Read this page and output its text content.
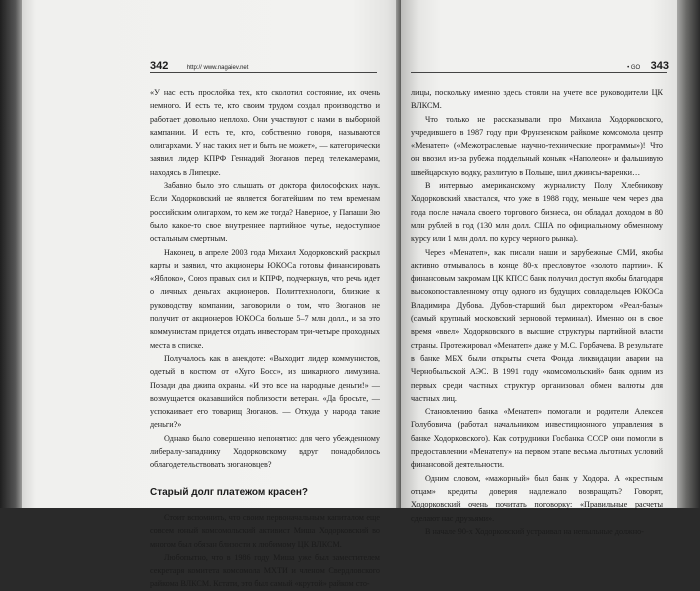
342	http:// www.nagaiev.net

«У нас есть прослойка тех, кто сколотил состояние, их очень немного. И есть те, кто своим трудом создал производство и работает довольно неплохо. Они участвуют с нами в выборной кампании. И есть те, кто, собственно говоря, называются олигархами. У нас таких нет и быть не может», — категорически заявил лидер КПРФ Геннадий Зюганов перед телекамерами, находясь в Липецке.

Забавно было это слышать от доктора философских наук. Если Ходорковский не является богатейшим по тем временам российским олигархом, то кем же тогда? Наверное, у Папаши Зю было какое-то свое внутреннее партийное чутье, недоступное остальным смертным.

Наконец, в апреле 2003 года Михаил Ходорковский раскрыл карты и заявил, что акционеры ЮКОСа готовы финансировать «Яблоко», Союз правых сил и КПРФ, подчеркнув, что речь идет о личных деньгах акционеров. Политтехнологи, близкие к руководству компании, заговорили о том, что Зюганов не получит от акционеров ЮКОСа больше 5–7 млн долл., и за это коммунистам придется отдать инвесторам три-четыре проходных места в списке.

Получалось как в анекдоте: «Выходит лидер коммунистов, одетый в костюм от «Хуго Босс», из шикарного лимузина. Позади два джипа охраны. «И это все на народные деньги!» — возмущается оказавшийся поблизости ветеран. «Да бросьте, — успокаивает его товарищ Зюганов. — Откуда у народа такие деньги?»

Однако было совершенно непонятно: для чего убежденному либералу-западнику Ходорковскому вдруг понадобилось облагодетельствовать зюгановцев?

Старый долг платежом красен?

Стоит вспомнить, что своим первоначальным капиталом еще совсем юный комсомольский активист Миша Ходорковский во многом был обязан близости к любимому ЦК ВЛКСМ.

Любопытно, что в 1986 году Миша уже был заместителем секретаря комитета комсомола МХТИ и членом Свердловского райкома ВЛКСМ. Кстати, это был самый «крутой» райком сто-

• GO 343

лицы, поскольку именно здесь стояли на учете все руководители ЦК ВЛКСМ.

Что только не рассказывали про Михаила Ходорковского, учредившего в 1987 году при Фрунзенском райкоме комсомола центр «Менатеп» («Межотраслевые научно-технические программы»)! Что он ввозил из-за рубежа поддельный коньяк «Наполеон» и фальшивую швейцарскую водку, разлитую в Польше, шил джинсы-варенки…

В интервью американскому журналисту Полу Хлебникову Ходорковский хвастался, что уже в 1988 году, меньше чем через два года после начала своего торгового бизнеса, он обладал доходом в 80 млн рублей в год (130 млн долл. США по официальному обменному курсу или 1 млн долл. по курсу черного рынка).

Через «Менатеп», как писали наши и зарубежные СМИ, якобы активно отмывалось в конце 80-х пресловутое «золото партии». К финансовым закромам ЦК КПСС банк получил доступ якобы благодаря высокопоставленному отцу одного из будущих совладельцев ЮКОСа Владимира Дубова. Дубов-старший был директором «Реал-базы» (самый крупный московский зерновой терминал). Именно он в свое время «ввел» Ходорковского в высшие структуры партийной власти страны. Протежировал «Менатеп» даже у М.С. Горбачева. В результате в банке МБХ были открыты счета Фонда ликвидации аварии на Чернобыльской АЭС. В 1991 году «комсомольский» банк одним из первых среди частных структур организовал обмен валюты для частных лиц.

Становлению банка «Менатеп» помогали и родители Алексея Голубовича (работал начальником инвестиционного управления в банке Ходорковского). Как сотрудники Госбанка СССР они помогли в предоставлении «Менатепу» на первом этапе весьма льготных условий финансовой деятельности.

Одним словом, «мажорный» был банк у Ходора. А «крестным отцам» кредиты доверия надлежало возвращать? Говорят, Ходорковский очень почитать поговорку: «Правильные расчеты сделают нас друзьями».

В начале 90-х Ходорковский устраивал на непыльные должно-
